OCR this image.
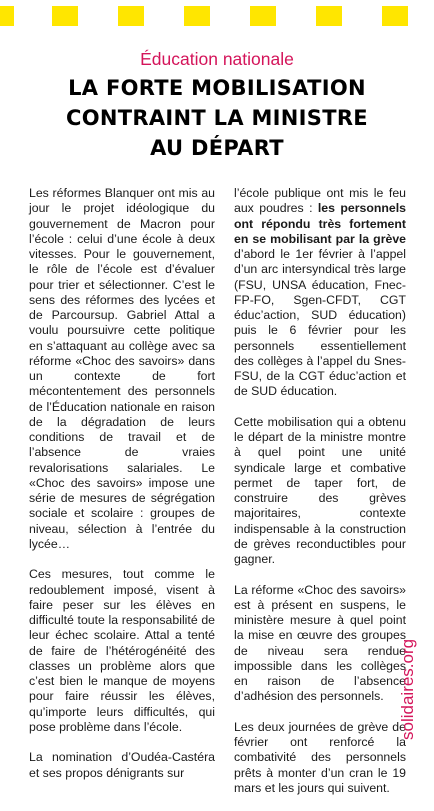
Éducation nationale
LA FORTE MOBILISATION
CONTRAINT LA MINISTRE
AU DÉPART

Les réformes Blanquer ont mis au jour le projet idéologique du gouvernement de Macron pour l’école : celui d’une école à deux vitesses. Pour le gouvernement, le rôle de l’école est d’évaluer pour trier et sélectionner. C’est le sens des réformes des lycées et de Parcoursup. Gabriel Attal a voulu poursuivre cette politique en s’attaquant au collège avec sa réforme «Choc des savoirs» dans un contexte de fort mécontentement des personnels de l’Éducation nationale en raison de la dégradation de leurs conditions de travail et de l’absence de vraies revalorisations salariales. Le «Choc des savoirs» impose une série de mesures de ségrégation sociale et scolaire : groupes de niveau, sélection à l’entrée du lycée…

Ces mesures, tout comme le redoublement imposé, visent à faire peser sur les élèves en difficulté toute la responsabilité de leur échec scolaire. Attal a tenté de faire de l’hétérogénéité des classes un problème alors que c’est bien le manque de moyens pour faire réussir les élèves, qu’importe leurs difficultés, qui pose problème dans l’école.

La nomination d’Oudéa-Castéra et ses propos dénigrants sur

l’école publique ont mis le feu aux poudres : les personnels ont répondu très fortement en se mobilisant par la grève d’abord le 1er février à l’appel d’un arc intersyndical très large (FSU, UNSA éducation, Fnec-FP-FO, Sgen-CFDT, CGT éduc’action, SUD éducation) puis le 6 février pour les personnels essentiellement des collèges à l’appel du Snes-FSU, de la CGT éduc’action et de SUD éducation.

Cette mobilisation qui a obtenu le départ de la ministre montre à quel point une unité syndicale large et combative permet de taper fort, de construire des grèves majoritaires, contexte indispensable à la construction de grèves reconductibles pour gagner.

La réforme «Choc des savoirs» est à présent en suspens, le ministère mesure à quel point la mise en œuvre des groupes de niveau sera rendue impossible dans les collèges en raison de l’absence d’adhésion des personnels.

Les deux journées de grève de février ont renforcé la combativité des personnels prêts à monter d’un cran le 19 mars et les jours qui suivent.

solidaires.org
